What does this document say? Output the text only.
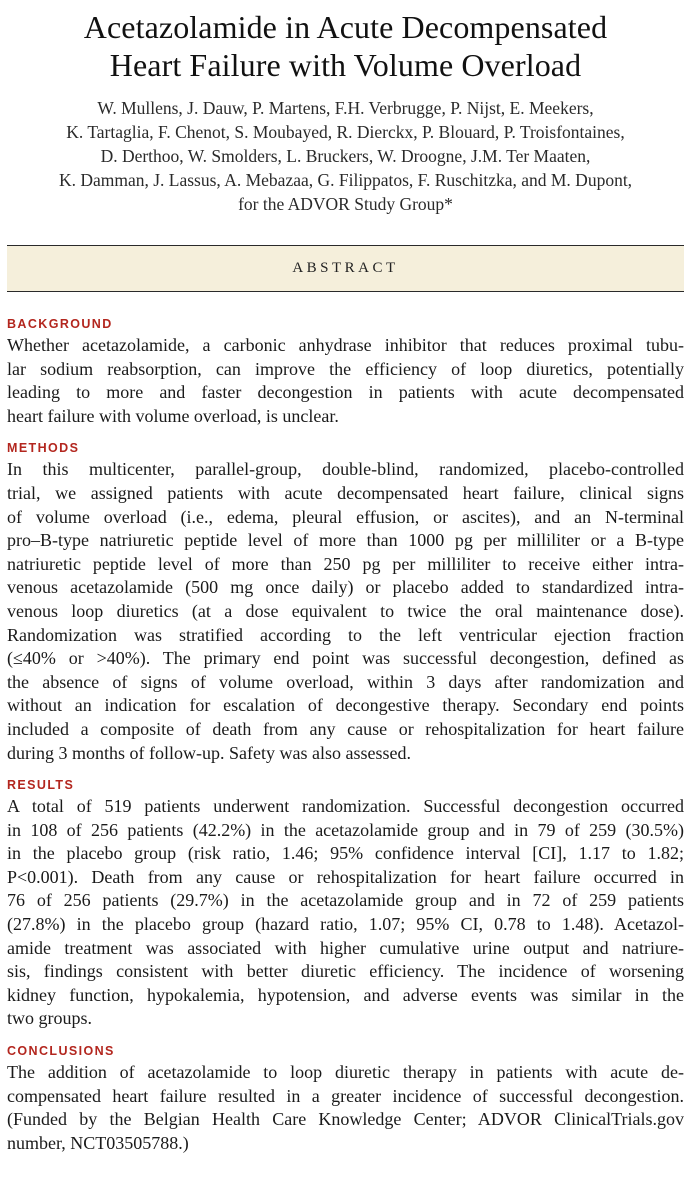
Acetazolamide in Acute Decompensated
Heart Failure with Volume Overload
W. Mullens, J. Dauw, P. Martens, F.H. Verbrugge, P. Nijst, E. Meekers,
K. Tartaglia, F. Chenot, S. Moubayed, R. Dierckx, P. Blouard, P. Troisfontaines,
D. Derthoo, W. Smolders, L. Bruckers, W. Droogne, J.M. Ter Maaten,
K. Damman, J. Lassus, A. Mebazaa, G. Filippatos, F. Ruschitzka, and M. Dupont,
for the ADVOR Study Group*
ABSTRACT

BACKGROUND

Whether acetazolamide, a carbonic anhydrase inhibitor that reduces proximal tubu-
lar sodium reabsorption, can improve the efficiency of loop diuretics, potentially
leading to more and faster decongestion in patients with acute decompensated
heart failure with volume overload, is unclear.

METHODS

In this multicenter, parallel-group, double-blind, randomized, placebo-controlled
trial, we assigned patients with acute decompensated heart failure, clinical signs
of volume overload (i.e., edema, pleural effusion, or ascites), and an N-terminal
pro–B-type natriuretic peptide level of more than 1000 pg per milliliter or a B-type
natriuretic peptide level of more than 250 pg per milliliter to receive either intra-
venous acetazolamide (500 mg once daily) or placebo added to standardized intra-
venous loop diuretics (at a dose equivalent to twice the oral maintenance dose).
Randomization was stratified according to the left ventricular ejection fraction
(≤40% or >40%). The primary end point was successful decongestion, defined as
the absence of signs of volume overload, within 3 days after randomization and
without an indication for escalation of decongestive therapy. Secondary end points
included a composite of death from any cause or rehospitalization for heart failure
during 3 months of follow-up. Safety was also assessed.

RESULTS

A total of 519 patients underwent randomization. Successful decongestion occurred
in 108 of 256 patients (42.2%) in the acetazolamide group and in 79 of 259 (30.5%)
in the placebo group (risk ratio, 1.46; 95% confidence interval [CI], 1.17 to 1.82;
P<0.001). Death from any cause or rehospitalization for heart failure occurred in
76 of 256 patients (29.7%) in the acetazolamide group and in 72 of 259 patients
(27.8%) in the placebo group (hazard ratio, 1.07; 95% CI, 0.78 to 1.48). Acetazol-
amide treatment was associated with higher cumulative urine output and natriure-
sis, findings consistent with better diuretic efficiency. The incidence of worsening
kidney function, hypokalemia, hypotension, and adverse events was similar in the
two groups.

CONCLUSIONS

The addition of acetazolamide to loop diuretic therapy in patients with acute de-
compensated heart failure resulted in a greater incidence of successful decongestion.
(Funded by the Belgian Health Care Knowledge Center; ADVOR ClinicalTrials.gov
number, NCT03505788.)
